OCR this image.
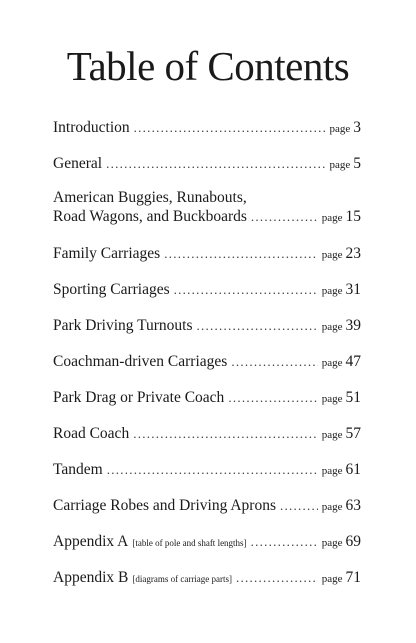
Table of Contents
Introduction . . .	page 3
General . . .	page 5
American Buggies, Runabouts,
Road Wagons, and Buckboards . . .	page 15
Family Carriages . . .	page 23
Sporting Carriages . . .	page 31
Park Driving Turnouts . . .	page 39
Coachman-driven Carriages . . .	page 47
Park Drag or Private Coach . . .	page 51
Road Coach . . .	page 57
Tandem . . .	page 61
Carriage Robes and Driving Aprons . . .	page 63
Appendix A [table of pole and shaft lengths] . . .	page 69
Appendix B [diagrams of carriage parts] . . .	page 71
